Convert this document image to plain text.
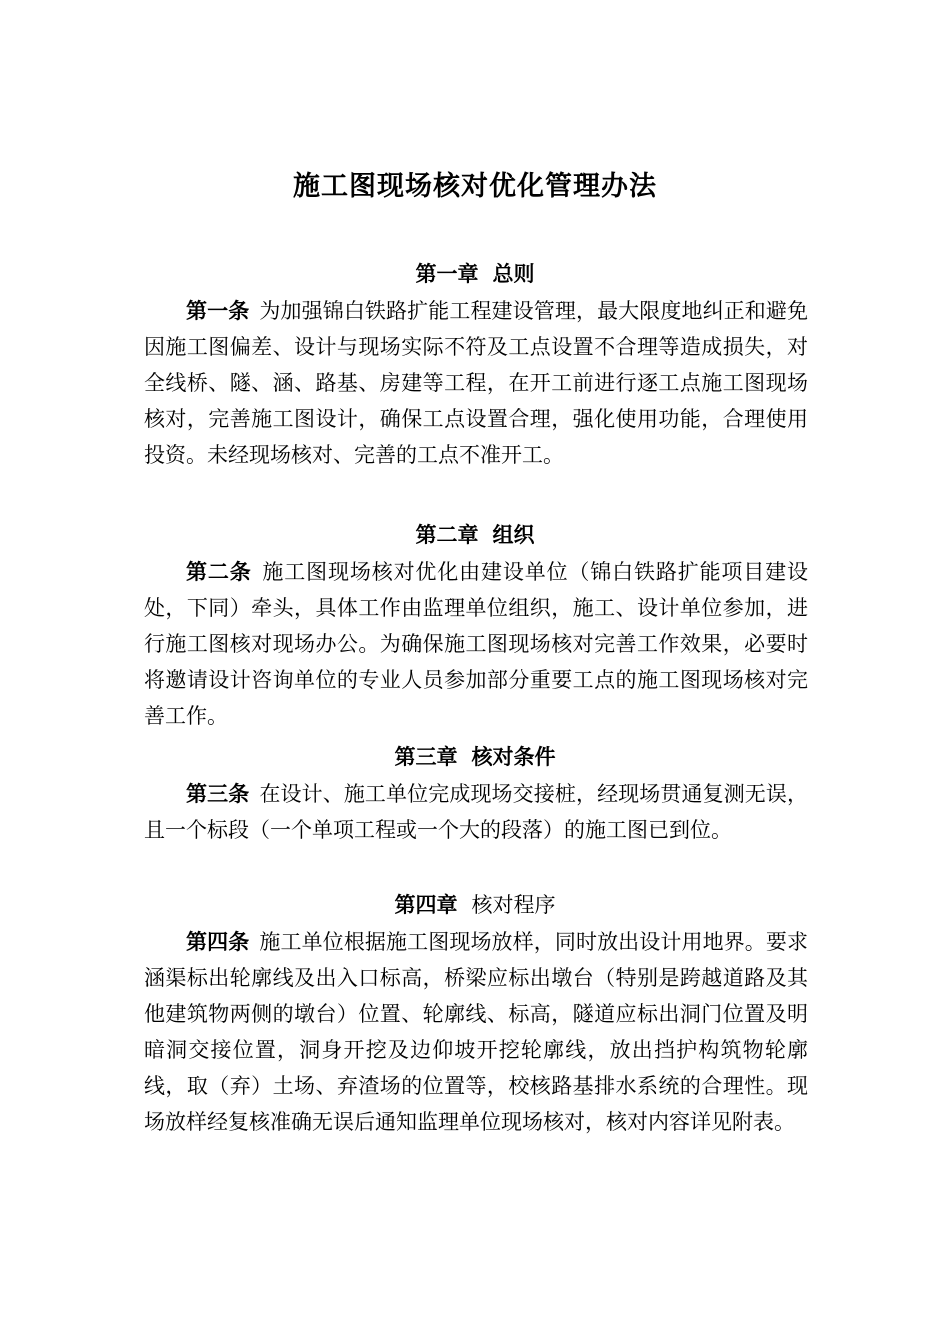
施工图现场核对优化管理办法
第一章 总则

第一条 为加强锦白铁路扩能工程建设管理，最大限度地纠正和避免因施工图偏差、设计与现场实际不符及工点设置不合理等造成损失，对全线桥、隧、涵、路基、房建等工程，在开工前进行逐工点施工图现场核对，完善施工图设计，确保工点设置合理，强化使用功能，合理使用投资。未经现场核对、完善的工点不准开工。

第二章 组织

第二条 施工图现场核对优化由建设单位（锦白铁路扩能项目建设处，下同）牵头，具体工作由监理单位组织，施工、设计单位参加，进行施工图核对现场办公。为确保施工图现场核对完善工作效果，必要时将邀请设计咨询单位的专业人员参加部分重要工点的施工图现场核对完善工作。

第三章 核对条件

第三条 在设计、施工单位完成现场交接桩，经现场贯通复测无误，且一个标段（一个单项工程或一个大的段落）的施工图已到位。

第四章 核对程序

第四条 施工单位根据施工图现场放样，同时放出设计用地界。要求涵渠标出轮廓线及出入口标高，桥梁应标出墩台（特别是跨越道路及其他建筑物两侧的墩台）位置、轮廓线、标高，隧道应标出洞门位置及明暗洞交接位置，洞身开挖及边仰坡开挖轮廓线，放出挡护构筑物轮廓线，取（弃）土场、弃渣场的位置等，校核路基排水系统的合理性。现场放样经复核准确无误后通知监理单位现场核对，核对内容详见附表。
